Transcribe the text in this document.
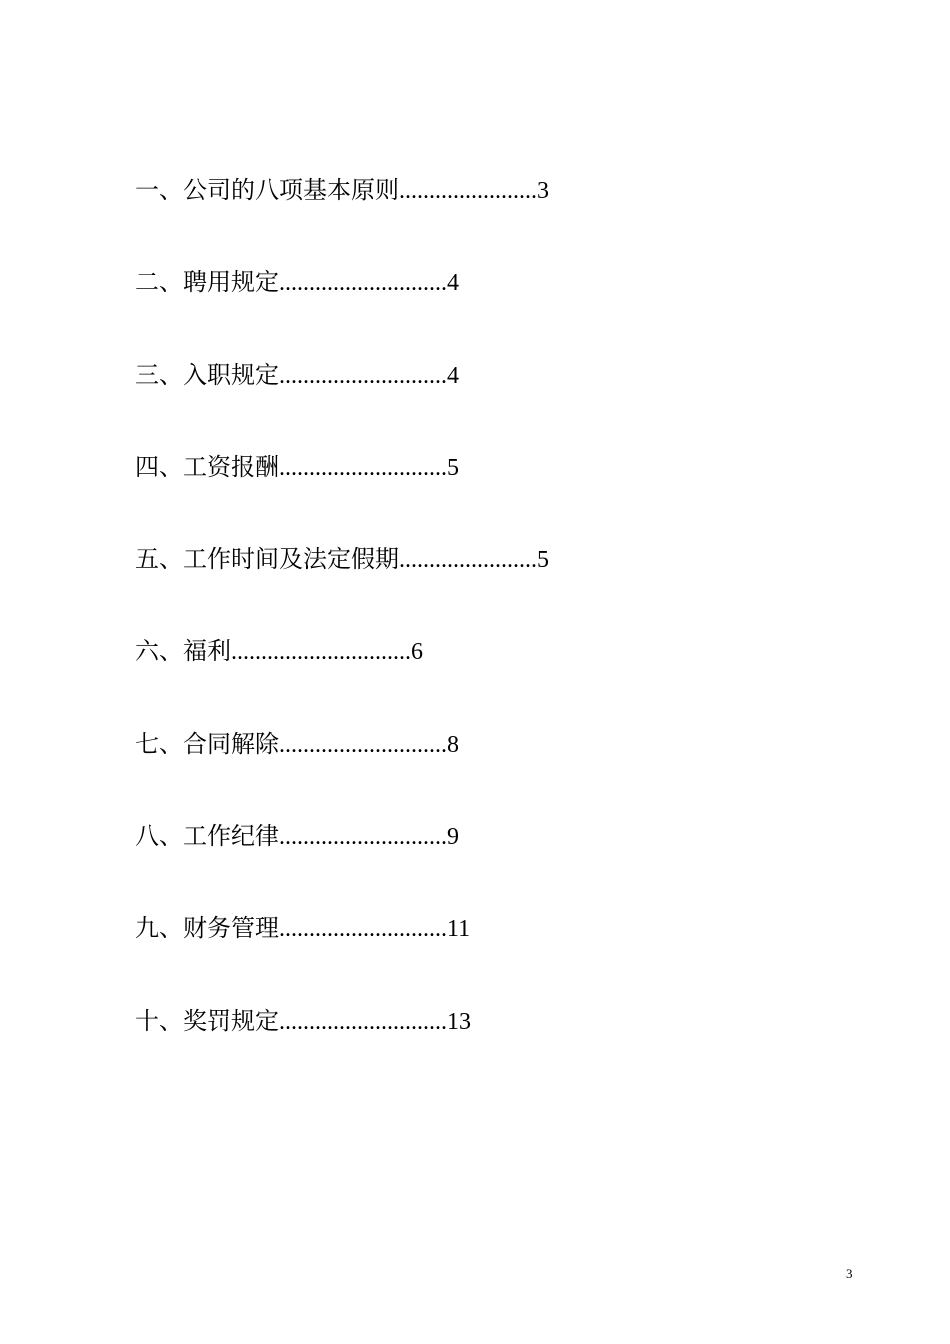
一、公司的八项基本原则.......................3
二、聘用规定............................4
三、入职规定............................4
四、工资报酬............................5
五、工作时间及法定假期.......................5
六、福利..............................6
七、合同解除............................8
八、工作纪律............................9
九、财务管理............................11
十、奖罚规定............................13
3
